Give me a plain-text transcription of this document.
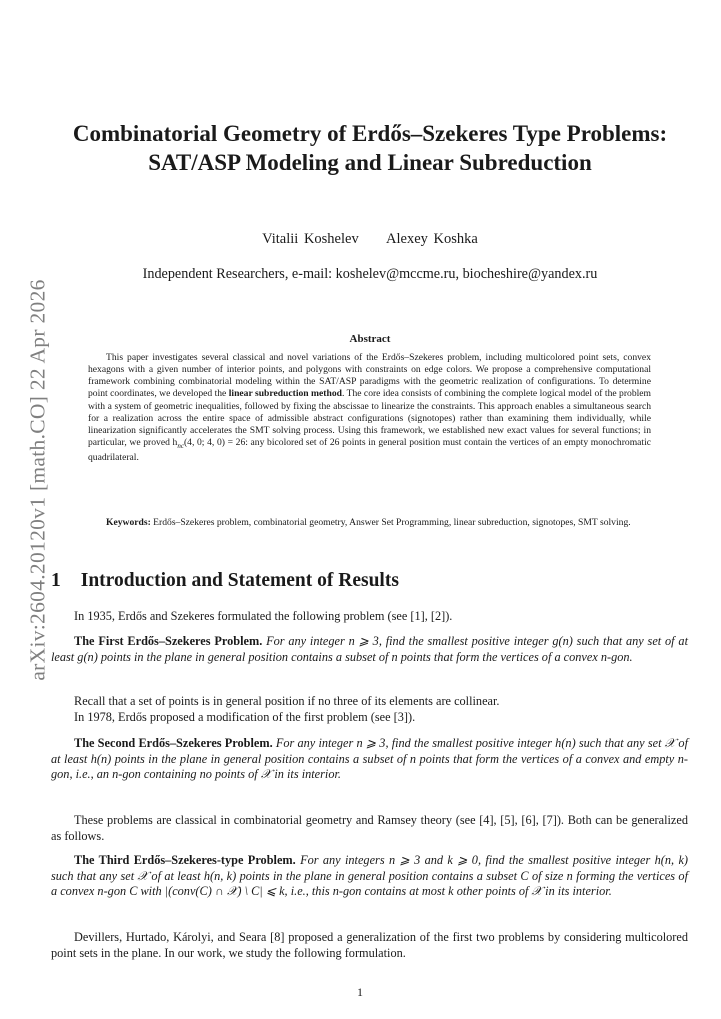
arXiv:2604.20120v1 [math.CO] 22 Apr 2026
Combinatorial Geometry of Erdős–Szekeres Type Problems: SAT/ASP Modeling and Linear Subreduction
Vitalii Koshelev     Alexey Koshka
Independent Researchers, e-mail: koshelev@mccme.ru, biocheshire@yandex.ru
Abstract
This paper investigates several classical and novel variations of the Erdős–Szekeres problem, including multicolored point sets, convex hexagons with a given number of interior points, and polygons with constraints on edge colors. We propose a comprehensive computational framework combining combinatorial modeling within the SAT/ASP paradigms with the geometric realization of configurations. To determine point coordinates, we developed the linear subreduction method. The core idea consists of combining the complete logical model of the problem with a system of geometric inequalities, followed by fixing the abscissae to linearize the constraints. This approach enables a simultaneous search for a realization across the entire space of admissible abstract configurations (signotopes) rather than examining them individually, while linearization significantly accelerates the SMT solving process. Using this framework, we established new exact values for several functions; in particular, we proved $h_{nc}(4$, 0; 4, 0) = 26: any bicolored set of 26 points in general position must contain the vertices of an empty monochromatic quadrilateral.
Keywords: Erdős–Szekeres problem, combinatorial geometry, Answer Set Programming, linear subreduction, signotopes, SMT solving.
1 Introduction and Statement of Results
In 1935, Erdős and Szekeres formulated the following problem (see [1], [2]).
The First Erdős–Szekeres Problem. For any integer n ⩾ 3, find the smallest positive integer g(n) such that any set of at least g(n) points in the plane in general position contains a subset of n points that form the vertices of a convex n-gon.
Recall that a set of points is in general position if no three of its elements are collinear.
In 1978, Erdős proposed a modification of the first problem (see [3]).
The Second Erdős–Szekeres Problem. For any integer n ⩾ 3, find the smallest positive integer h(n) such that any set 𝒳 of at least h(n) points in the plane in general position contains a subset of n points that form the vertices of a convex and empty n-gon, i.e., an n-gon containing no points of 𝒳 in its interior.
These problems are classical in combinatorial geometry and Ramsey theory (see [4], [5], [6], [7]). Both can be generalized as follows.
The Third Erdős–Szekeres-type Problem. For any integers n ⩾ 3 and k ⩾ 0, find the smallest positive integer h(n, k) such that any set 𝒳 of at least h(n, k) points in the plane in general position contains a subset C of size n forming the vertices of a convex n-gon C with |(conv(C) ∩ 𝒳) \ C| ⩽ k, i.e., this n-gon contains at most k other points of 𝒳 in its interior.
Devillers, Hurtado, Károlyi, and Seara [8] proposed a generalization of the first two problems by considering multicolored point sets in the plane. In our work, we study the following formulation.
1
